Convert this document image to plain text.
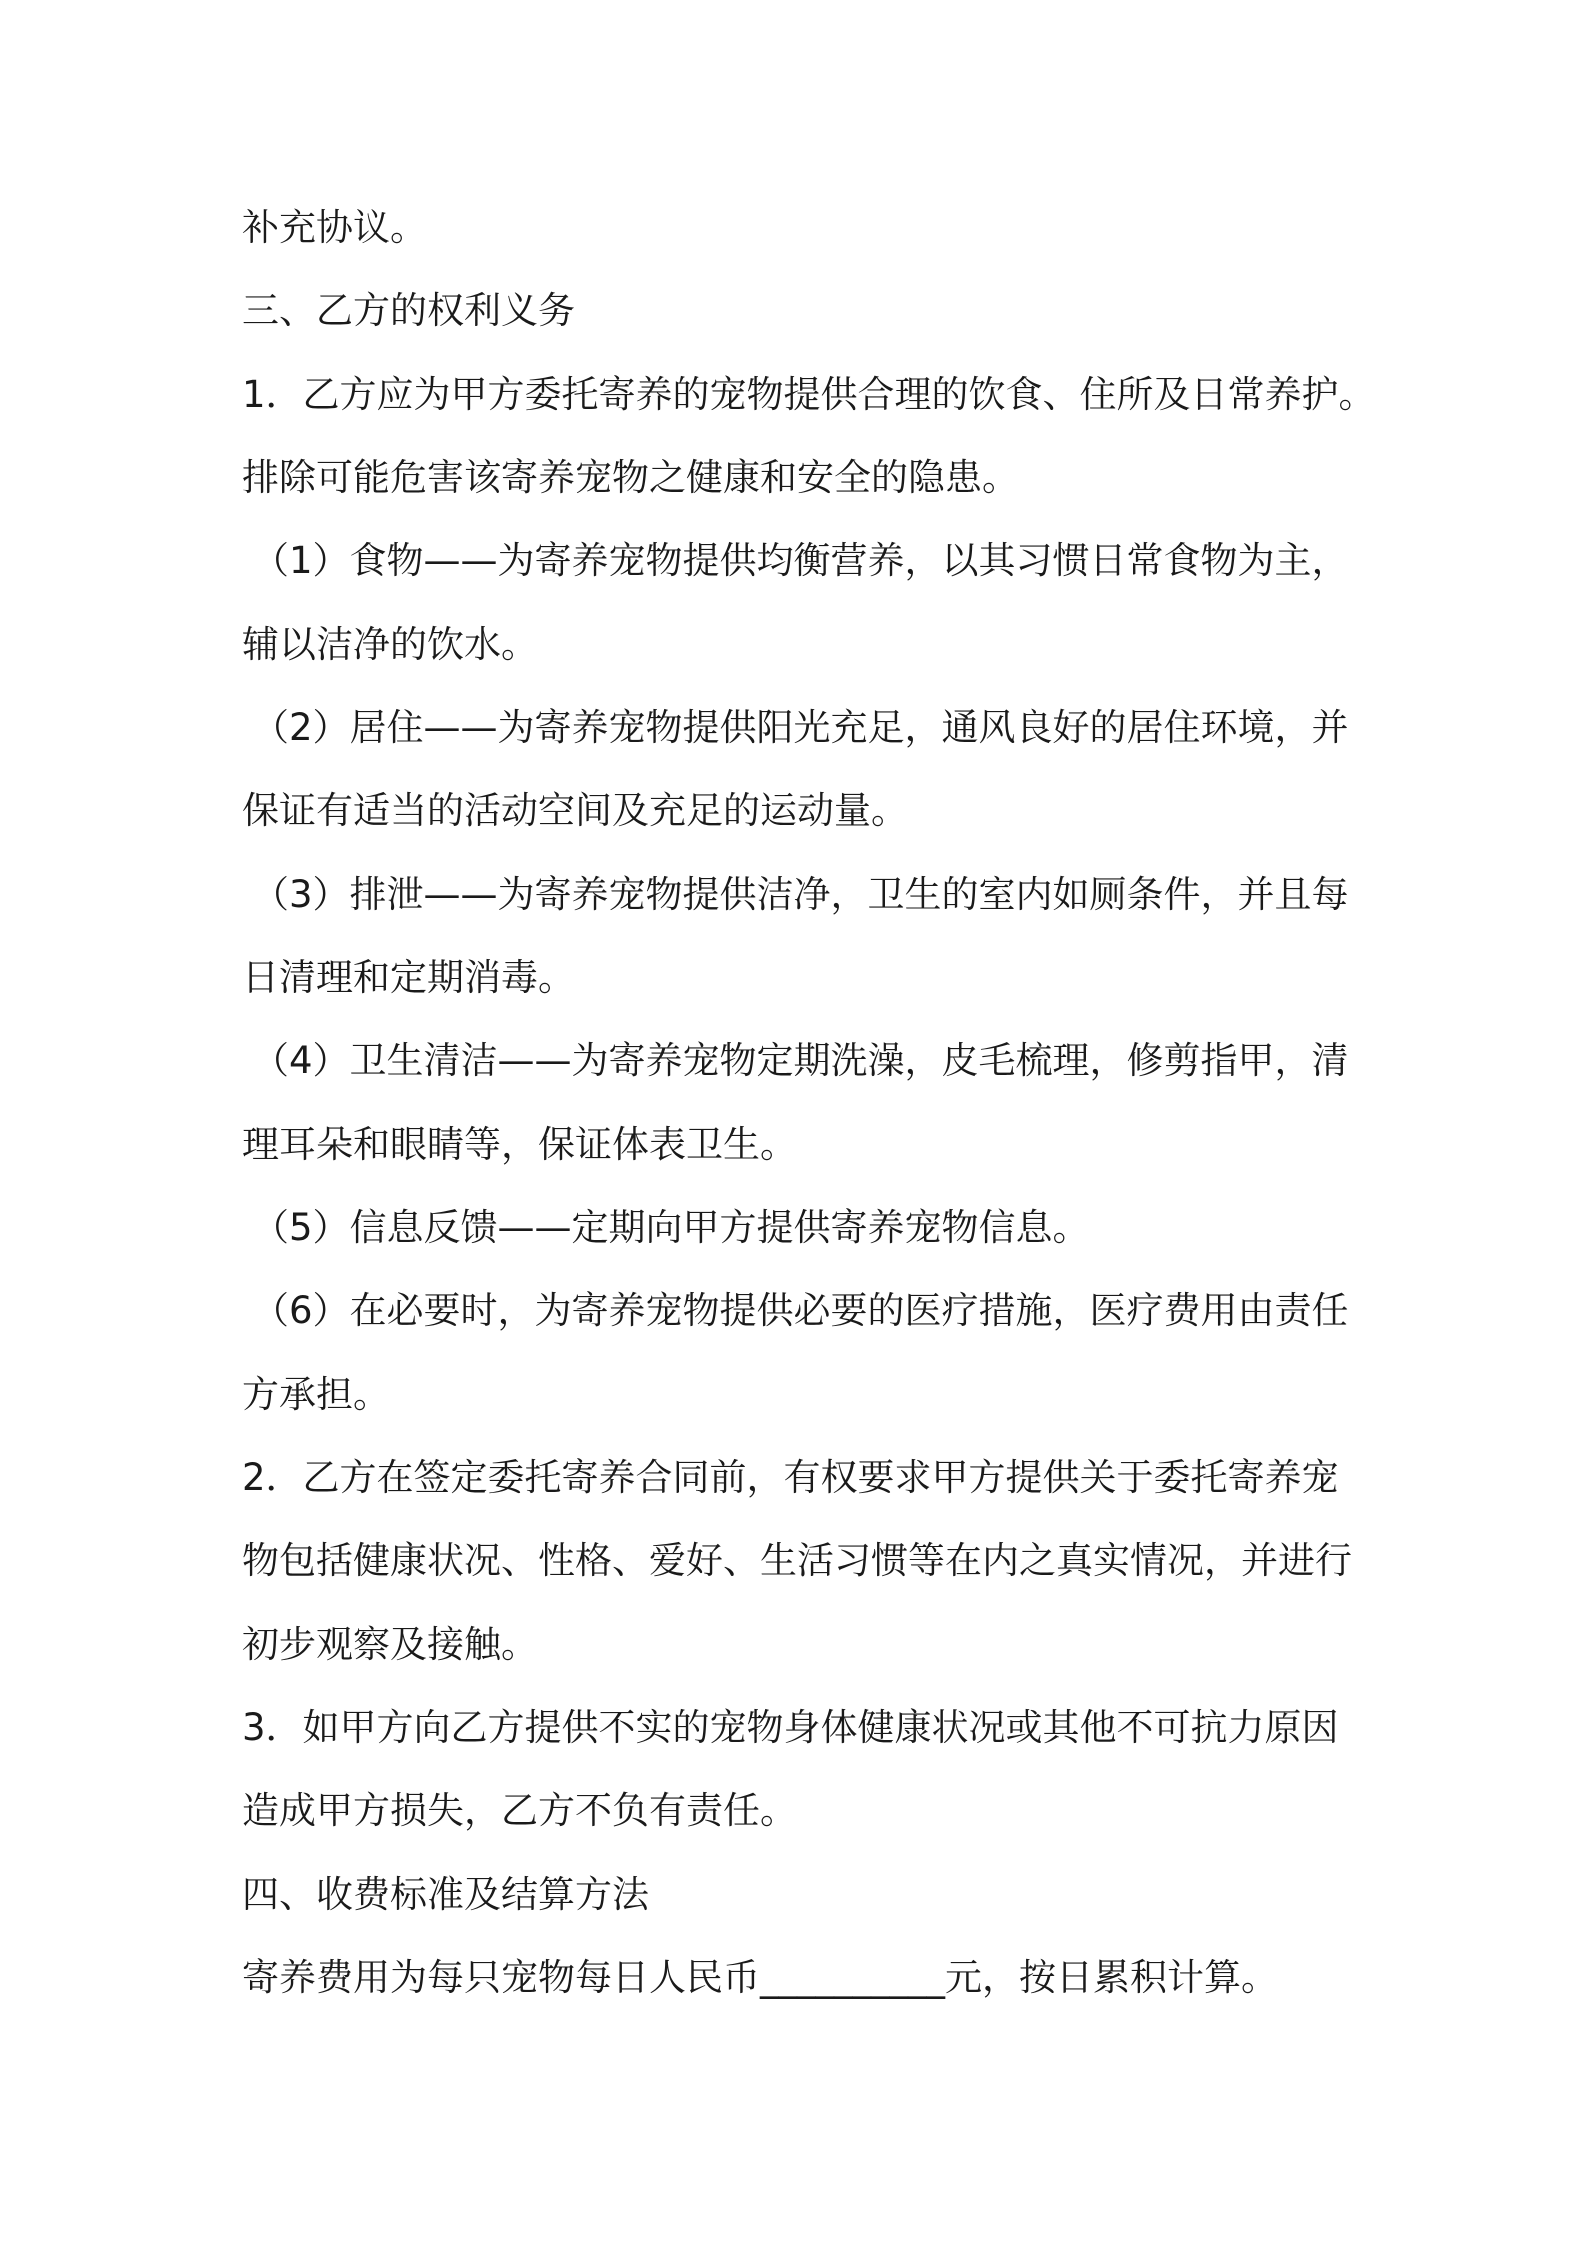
补充协议。
三、乙方的权利义务
1．乙方应为甲方委托寄养的宠物提供合理的饮食、住所及日常养护。
排除可能危害该寄养宠物之健康和安全的隐患。
（1）食物——为寄养宠物提供均衡营养，以其习惯日常食物为主，
辅以洁净的饮水。
（2）居住——为寄养宠物提供阳光充足，通风良好的居住环境，并
保证有适当的活动空间及充足的运动量。
（3）排泄——为寄养宠物提供洁净，卫生的室内如厕条件，并且每
日清理和定期消毒。
（4）卫生清洁——为寄养宠物定期洗澡，皮毛梳理，修剪指甲，清
理耳朵和眼睛等，保证体表卫生。
（5）信息反馈——定期向甲方提供寄养宠物信息。
（6）在必要时，为寄养宠物提供必要的医疗措施，医疗费用由责任
方承担。
2．乙方在签定委托寄养合同前，有权要求甲方提供关于委托寄养宠
物包括健康状况、性格、爱好、生活习惯等在内之真实情况，并进行
初步观察及接触。
3．如甲方向乙方提供不实的宠物身体健康状况或其他不可抗力原因
造成甲方损失，乙方不负有责任。
四、收费标准及结算方法
寄养费用为每只宠物每日人民币__________元，按日累积计算。
